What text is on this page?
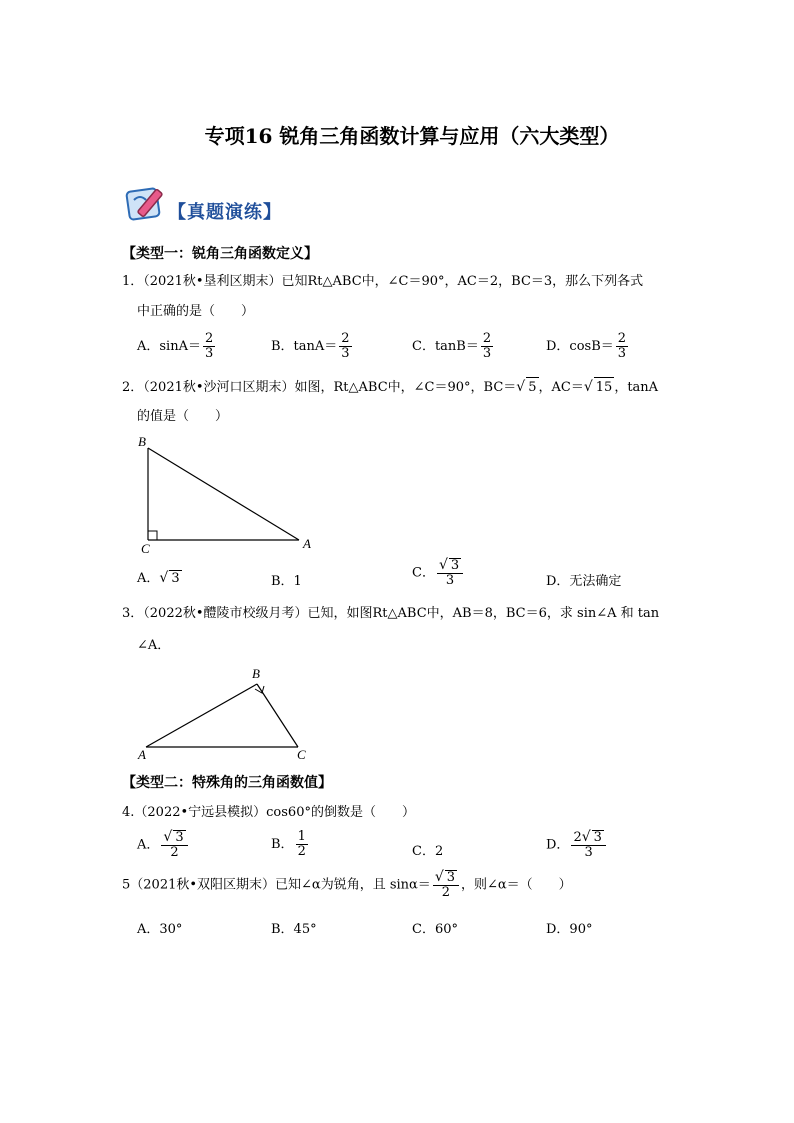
专项16 锐角三角函数计算与应用（六大类型）
【真题演练】
【类型一：锐角三角函数定义】
1．（2021秋•垦利区期末）已知Rt△ABC中，∠C＝90°，AC＝2，BC＝3，那么下列各式
中正确的是（　　）
A．$\sin A= \frac{2}{3}$	B．$\tan A= \frac{2}{3}$	C．$\tan B= \frac{2}{3}$	D．$\cos B= \frac{2}{3}$
2．（2021秋•沙河口区期末）如图，Rt△ABC中，∠C＝90°，BC＝√ 5 ，AC＝√ 15 ，tanA
的值是（　　）
B
C	A
A．√ 3	B．1
C． $\frac{√ 3}{3}$	D．无法确定
3．（2022秋•醴陵市校级月考）已知，如图Rt△ABC中，AB＝8，BC＝6，求 sin∠A 和 tan
∠A．
B
A	C
【类型二：特殊角的三角函数值】
4.（2022•宁远县模拟）cos60°的倒数是（　　）
A． $\frac{√ 3}{2}$	B． $\frac{1}{2}$	C．2	D． $\frac{2√ 3}{3}$
5（2021秋•双阳区期末）已知∠α为锐角，且 $\sin\alpha= \frac{√ 3}{2}$ ，则∠α＝（　　）
A．30°	B．45°	C．60°	D．90°
